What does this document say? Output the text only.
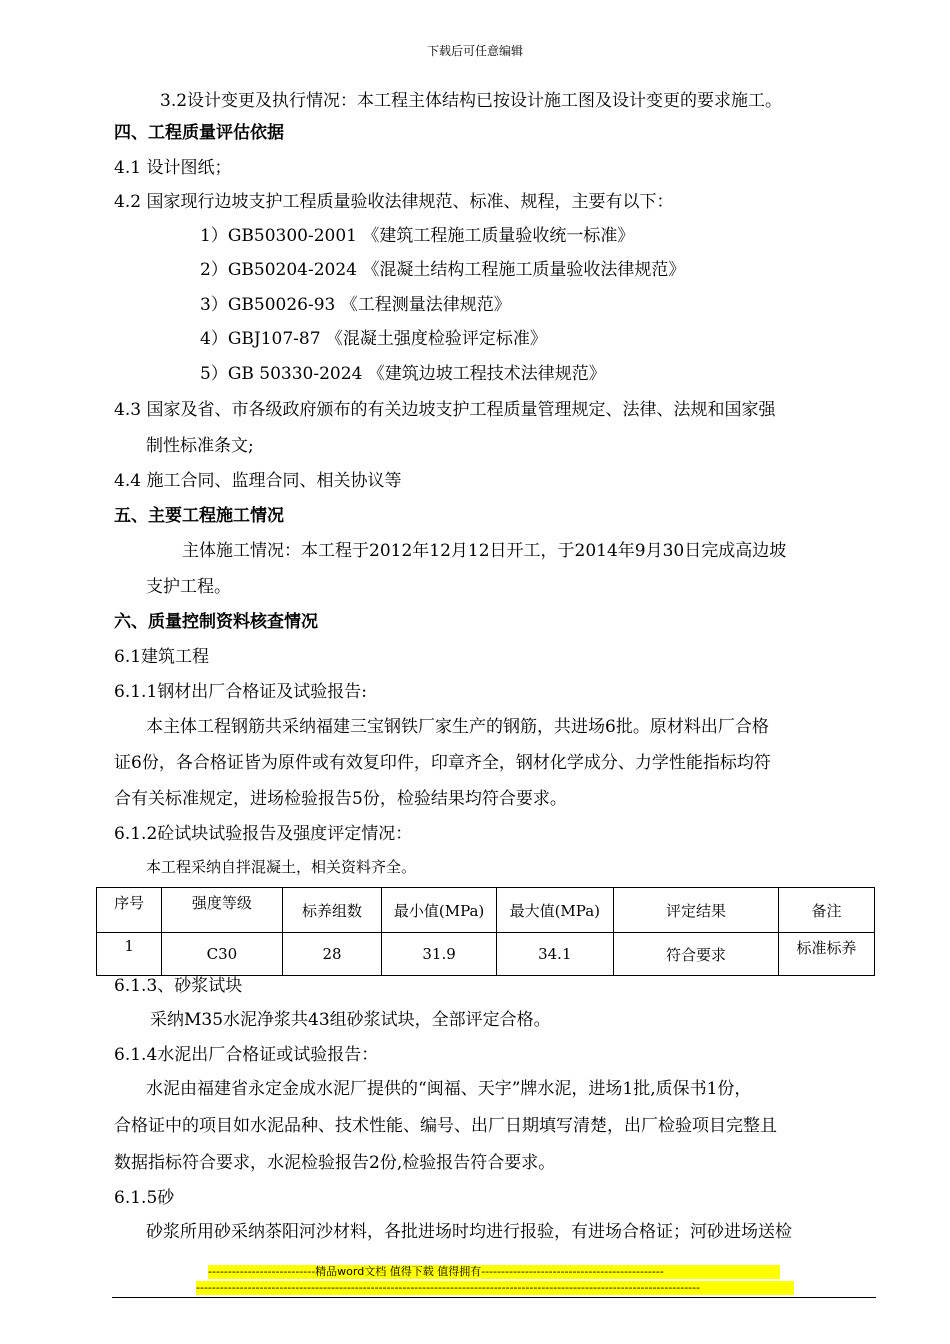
下载后可任意编辑
3.2设计变更及执行情况：本工程主体结构已按设计施工图及设计变更的要求施工。
四、工程质量评估依据
4.1 设计图纸；
4.2 国家现行边坡支护工程质量验收法律规范、标准、规程，主要有以下：
1）GB50300-2001 《建筑工程施工质量验收统一标准》
2）GB50204-2024 《混凝土结构工程施工质量验收法律规范》
3）GB50026-93 《工程测量法律规范》
4）GBJ107-87 《混凝土强度检验评定标准》
5）GB 50330-2024 《建筑边坡工程技术法律规范》
4.3 国家及省、市各级政府颁布的有关边坡支护工程质量管理规定、法律、法规和国家强
制性标准条文;
4.4 施工合同、监理合同、相关协议等
五、主要工程施工情况
主体施工情况：本工程于2012年12月12日开工，于2014年9月30日完成高边坡
支护工程。
六、质量控制资料核查情况
6.1建筑工程
6.1.1钢材出厂合格证及试验报告:
本主体工程钢筋共采纳福建三宝钢铁厂家生产的钢筋，共进场6批。原材料出厂合格
证6份，各合格证皆为原件或有效复印件，印章齐全，钢材化学成分、力学性能指标均符
合有关标准规定，进场检验报告5份，检验结果均符合要求。
6.1.2砼试块试验报告及强度评定情况：
本工程采纳自拌混凝土，相关资料齐全。
序号	强度等级	标养组数	最小值(MPa)	最大值(MPa)	评定结果	备注
1	C30	28	31.9	34.1	符合要求	标准标养
6.1.3、砂浆试块
采纳M35水泥净浆共43组砂浆试块，全部评定合格。
6.1.4水泥出厂合格证或试验报告：
水泥由福建省永定金成水泥厂提供的“闽福、天宇”牌水泥，进场1批,质保书1份，
合格证中的项目如水泥品种、技术性能、编号、出厂日期填写清楚，出厂检验项目完整且
数据指标符合要求，水泥检验报告2份,检验报告符合要求。
6.1.5砂
砂浆所用砂采纳茶阳河沙材料，各批进场时均进行报验，有进场合格证；河砂进场送检
---------------------------精品word文档 值得下载 值得拥有----------------------------------------------
-------------------------------------------------------------------------------------------------------------------------------
